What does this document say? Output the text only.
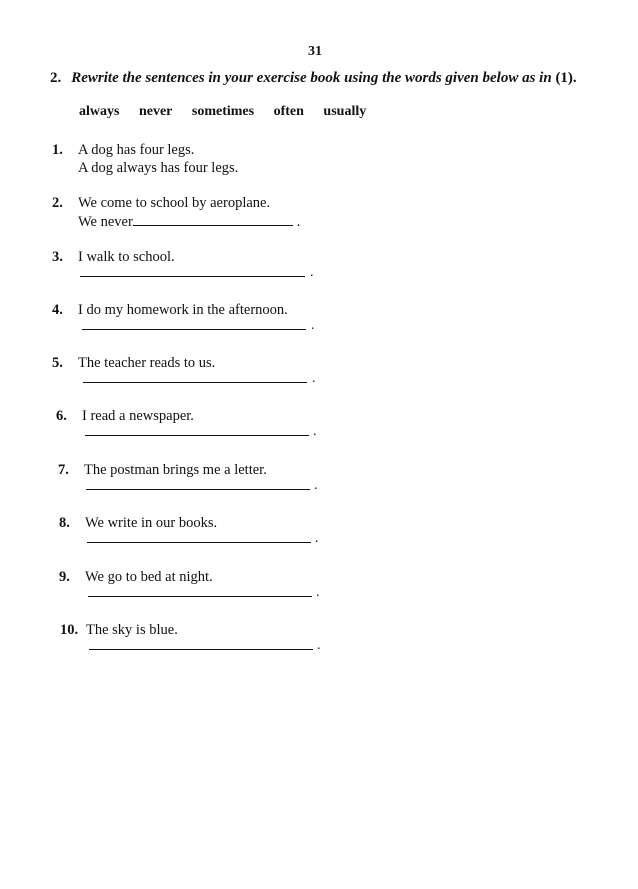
31
2. Rewrite the sentences in your exercise book using the words given below as in (1).
always never sometimes often usually
1. A dog has four legs.
A dog always has four legs.
2. We come to school by aeroplane.
We never	.
3. I walk to school.
.
4. I do my homework in the afternoon.
.
5. The teacher reads to us.
.
6. I read a newspaper.
.
7. The postman brings me a letter.
.
8. We write in our books.
.
9. We go to bed at night.
.
10. The sky is blue.
.
